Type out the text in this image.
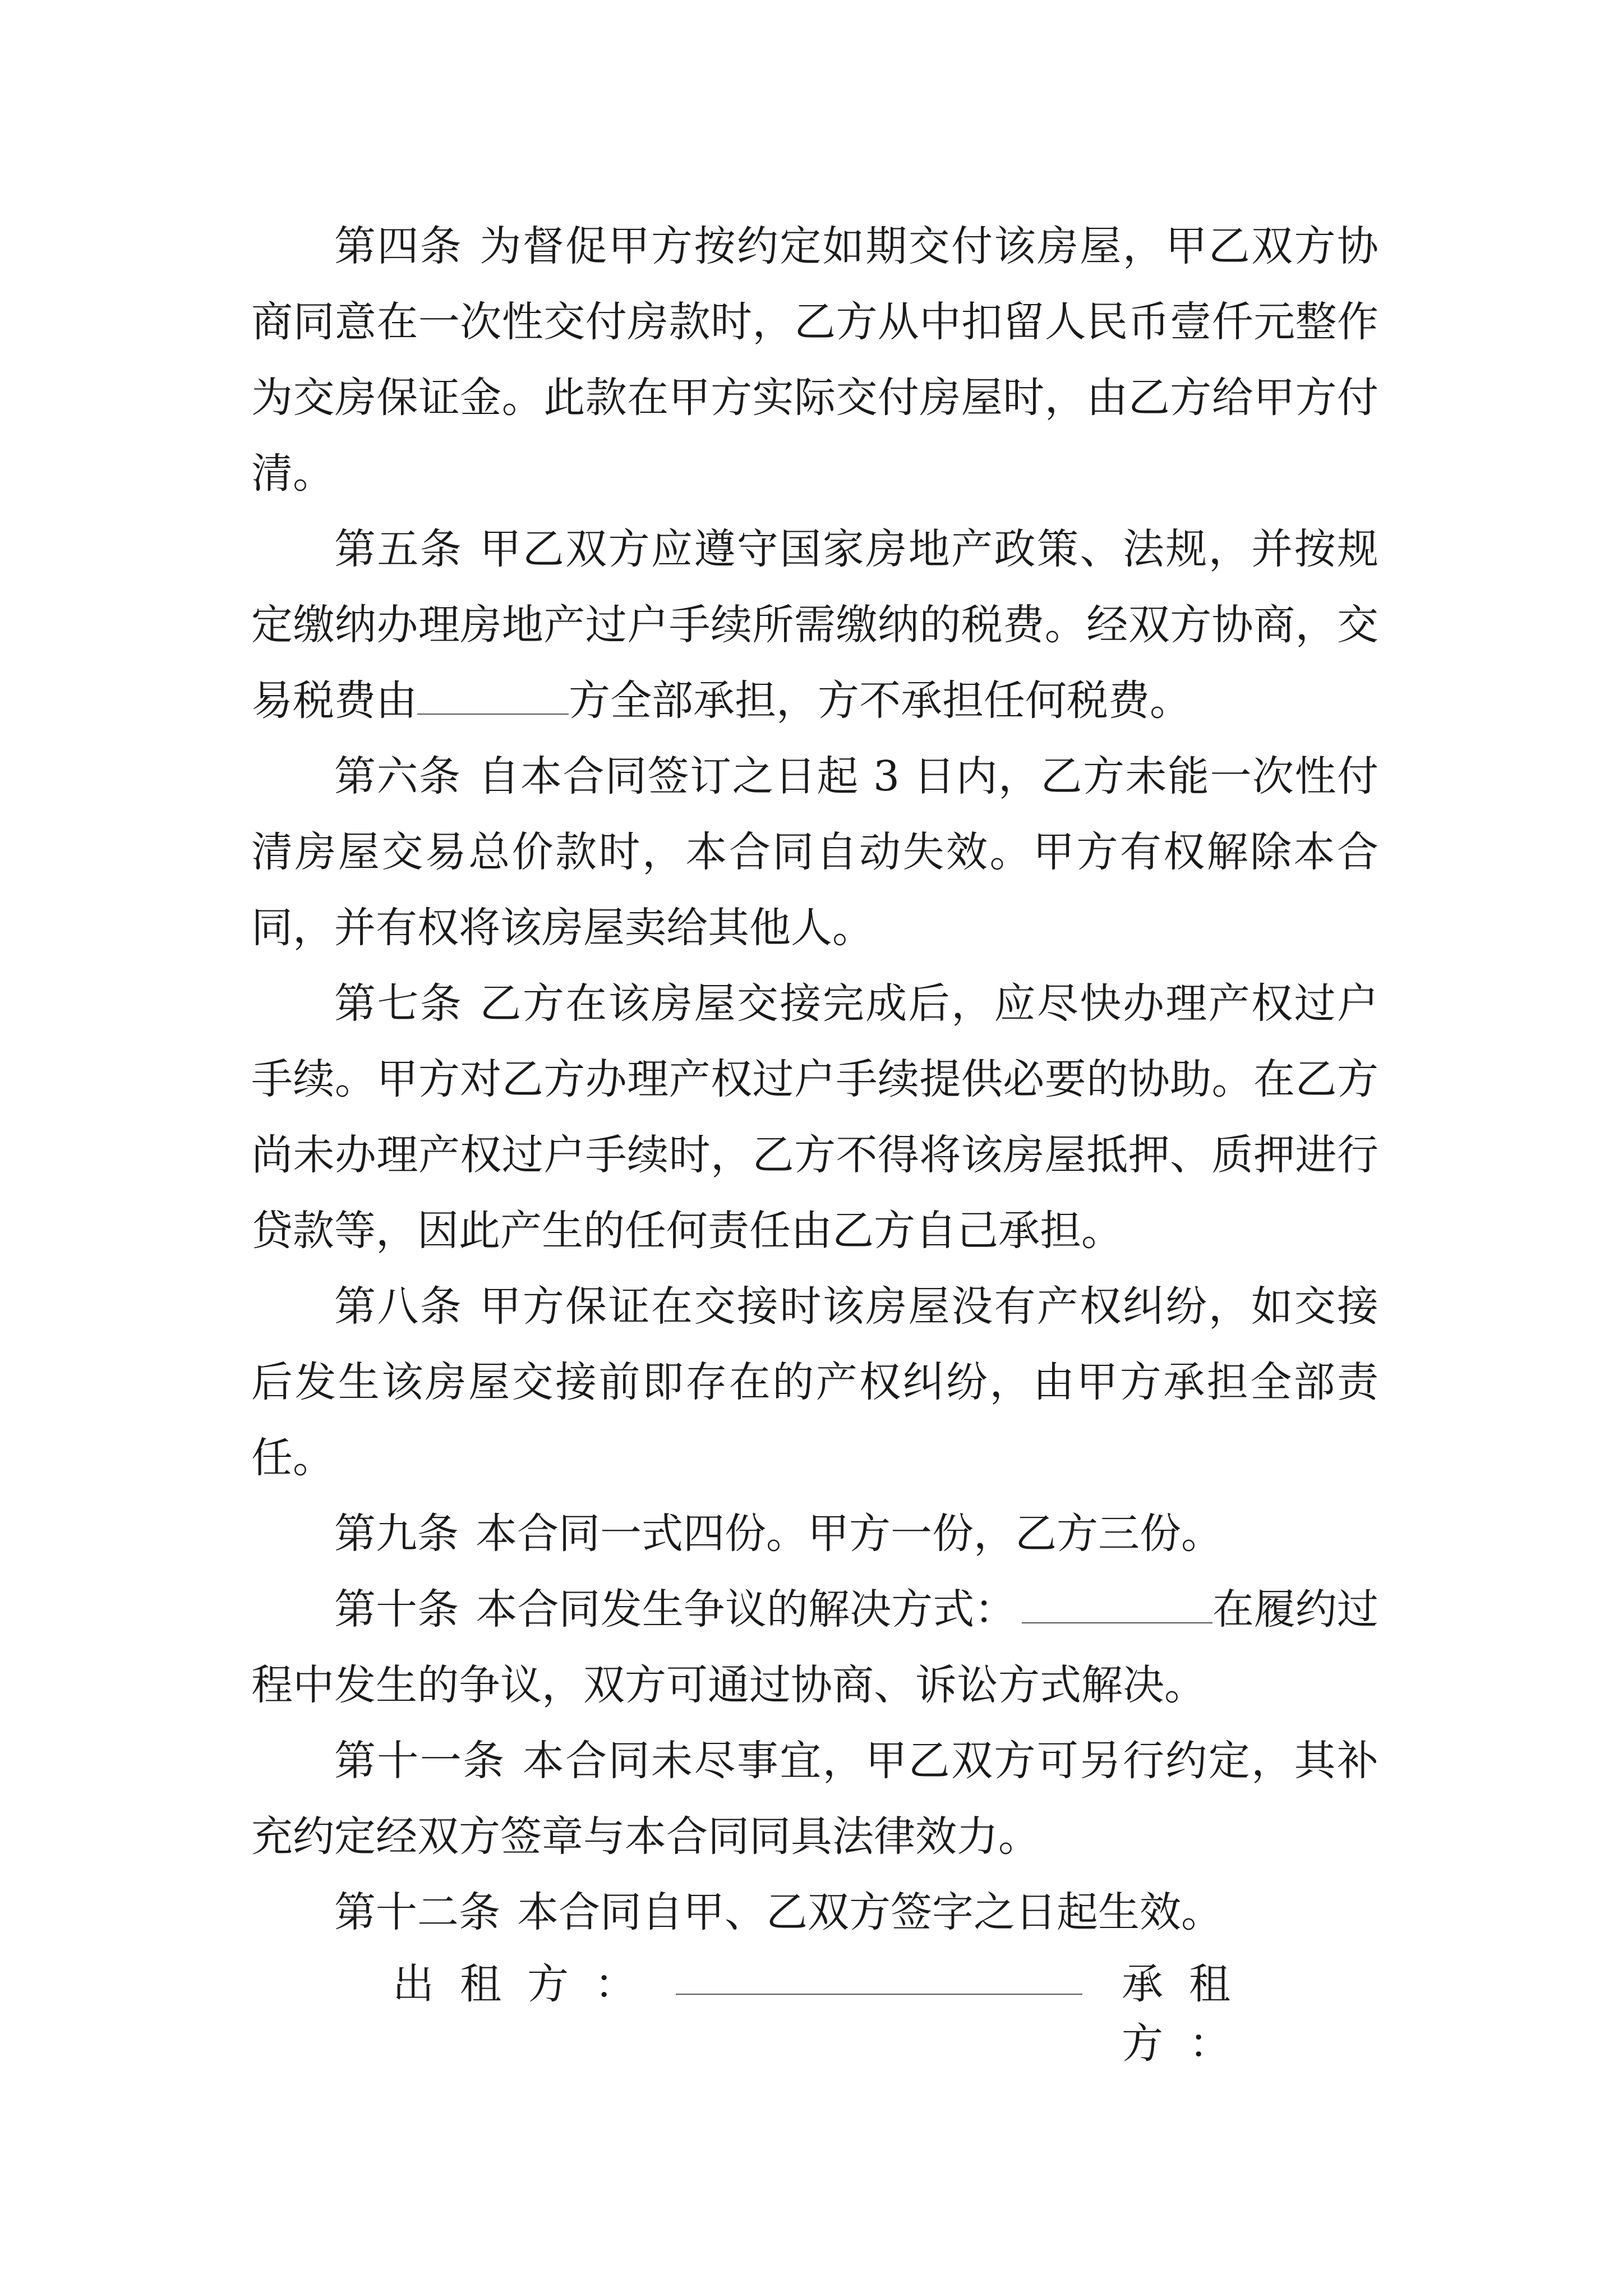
第四条 为督促甲方按约定如期交付该房屋，甲乙双方协商同意在一次性交付房款时，乙方从中扣留人民币壹仟元整作为交房保证金。此款在甲方实际交付房屋时，由乙方给甲方付清。

第五条 甲乙双方应遵守国家房地产政策、法规，并按规定缴纳办理房地产过户手续所需缴纳的税费。经双方协商，交易税费由	方全部承担，方不承担任何税费。

第六条 自本合同签订之日起 3 日内，乙方未能一次性付清房屋交易总价款时，本合同自动失效。甲方有权解除本合同，并有权将该房屋卖给其他人。

第七条 乙方在该房屋交接完成后，应尽快办理产权过户手续。甲方对乙方办理产权过户手续提供必要的协助。在乙方尚未办理产权过户手续时，乙方不得将该房屋抵押、质押进行贷款等，因此产生的任何责任由乙方自己承担。

第八条 甲方保证在交接时该房屋没有产权纠纷，如交接后发生该房屋交接前即存在的产权纠纷，由甲方承担全部责任。

第九条 本合同一式四份。甲方一份，乙方三份。

第十条 本合同发生争议的解决方式：	在履约过程中发生的争议，双方可通过协商、诉讼方式解决。

第十一条 本合同未尽事宜，甲乙双方可另行约定，其补充约定经双方签章与本合同同具法律效力。

第十二条 本合同自甲、乙双方签字之日起生效。

出租方：	承租方：
